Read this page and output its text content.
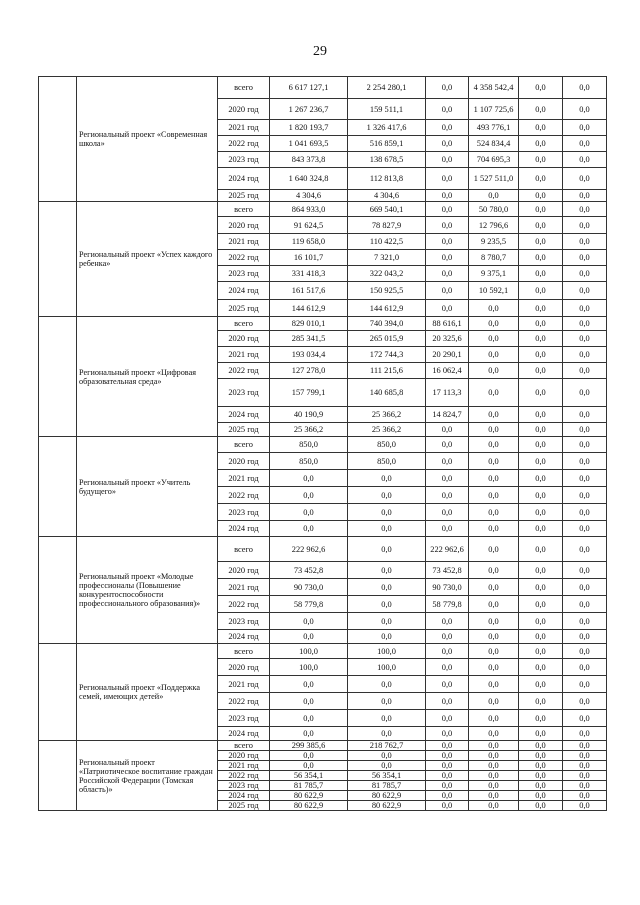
29
	Региональный проект «Современная школа»	всего	6 617 127,1	2 254 280,1	0,0	4 358 542,4	0,0	0,0
		2020 год	1 267 236,7	159 511,1	0,0	1 107 725,6	0,0	0,0
		2021 год	1 820 193,7	1 326 417,6	0,0	493 776,1	0,0	0,0
		2022 год	1 041 693,5	516 859,1	0,0	524 834,4	0,0	0,0
		2023 год	843 373,8	138 678,5	0,0	704 695,3	0,0	0,0
		2024 год	1 640 324,8	112 813,8	0,0	1 527 511,0	0,0	0,0
		2025 год	4 304,6	4 304,6	0,0	0,0	0,0	0,0
	Региональный проект «Успех каждого ребенка»	всего	864 933,0	669 540,1	0,0	50 780,0	0,0	0,0
		2020 год	91 624,5	78 827,9	0,0	12 796,6	0,0	0,0
		2021 год	119 658,0	110 422,5	0,0	9 235,5	0,0	0,0
		2022 год	16 101,7	7 321,0	0,0	8 780,7	0,0	0,0
		2023 год	331 418,3	322 043,2	0,0	9 375,1	0,0	0,0
		2024 год	161 517,6	150 925,5	0,0	10 592,1	0,0	0,0
		2025 год	144 612,9	144 612,9	0,0	0,0	0,0	0,0
	Региональный проект «Цифровая образовательная среда»	всего	829 010,1	740 394,0	88 616,1	0,0	0,0	0,0
		2020 год	285 341,5	265 015,9	20 325,6	0,0	0,0	0,0
		2021 год	193 034,4	172 744,3	20 290,1	0,0	0,0	0,0
		2022 год	127 278,0	111 215,6	16 062,4	0,0	0,0	0,0
		2023 год	157 799,1	140 685,8	17 113,3	0,0	0,0	0,0
		2024 год	40 190,9	25 366,2	14 824,7	0,0	0,0	0,0
		2025 год	25 366,2	25 366,2	0,0	0,0	0,0	0,0
	Региональный проект «Учитель будущего»	всего	850,0	850,0	0,0	0,0	0,0	0,0
		2020 год	850,0	850,0	0,0	0,0	0,0	0,0
		2021 год	0,0	0,0	0,0	0,0	0,0	0,0
		2022 год	0,0	0,0	0,0	0,0	0,0	0,0
		2023 год	0,0	0,0	0,0	0,0	0,0	0,0
		2024 год	0,0	0,0	0,0	0,0	0,0	0,0
	Региональный проект «Молодые профессионалы (Повышение конкурентоспособности профессионального образования)»	всего	222 962,6	0,0	222 962,6	0,0	0,0	0,0
		2020 год	73 452,8	0,0	73 452,8	0,0	0,0	0,0
		2021 год	90 730,0	0,0	90 730,0	0,0	0,0	0,0
		2022 год	58 779,8	0,0	58 779,8	0,0	0,0	0,0
		2023 год	0,0	0,0	0,0	0,0	0,0	0,0
		2024 год	0,0	0,0	0,0	0,0	0,0	0,0
	Региональный проект «Поддержка семей, имеющих детей»	всего	100,0	100,0	0,0	0,0	0,0	0,0
		2020 год	100,0	100,0	0,0	0,0	0,0	0,0
		2021 год	0,0	0,0	0,0	0,0	0,0	0,0
		2022 год	0,0	0,0	0,0	0,0	0,0	0,0
		2023 год	0,0	0,0	0,0	0,0	0,0	0,0
		2024 год	0,0	0,0	0,0	0,0	0,0	0,0
	Региональный проект «Патриотическое воспитание граждан Российской Федерации (Томская область)»	всего	299 385,6	218 762,7	0,0	0,0	0,0	0,0
		2020 год	0,0	0,0	0,0	0,0	0,0	0,0
		2021 год	0,0	0,0	0,0	0,0	0,0	0,0
		2022 год	56 354,1	56 354,1	0,0	0,0	0,0	0,0
		2023 год	81 785,7	81 785,7	0,0	0,0	0,0	0,0
		2024 год	80 622,9	80 622,9	0,0	0,0	0,0	0,0
		2025 год	80 622,9	80 622,9	0,0	0,0	0,0	0,0
